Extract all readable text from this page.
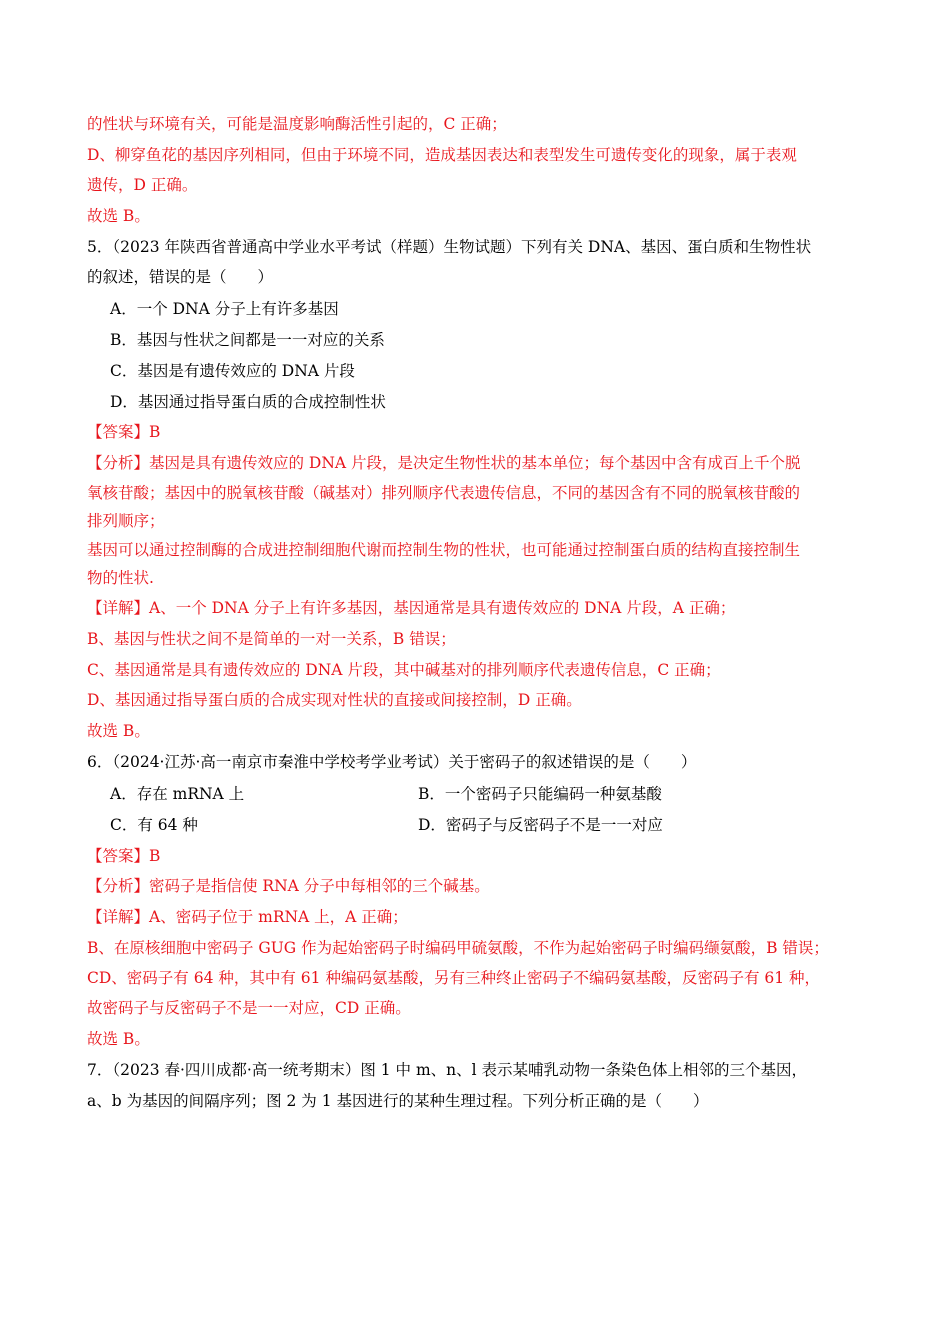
的性状与环境有关，可能是温度影响酶活性引起的，C 正确；
D、柳穿鱼花的基因序列相同，但由于环境不同，造成基因表达和表型发生可遗传变化的现象，属于表观
遗传，D 正确。
故选 B。
5．（2023 年陕西省普通高中学业水平考试（样题）生物试题）下列有关 DNA、基因、蛋白质和生物性状
的叙述，错误的是（　　）
A．一个 DNA 分子上有许多基因
B．基因与性状之间都是一一对应的关系
C．基因是有遗传效应的 DNA 片段
D．基因通过指导蛋白质的合成控制性状
【答案】B
【分析】基因是具有遗传效应的 DNA 片段，是决定生物性状的基本单位；每个基因中含有成百上千个脱
氧核苷酸；基因中的脱氧核苷酸（碱基对）排列顺序代表遗传信息，不同的基因含有不同的脱氧核苷酸的
排列顺序；
基因可以通过控制酶的合成进控制细胞代谢而控制生物的性状，也可能通过控制蛋白质的结构直接控制生
物的性状.
【详解】A、一个 DNA 分子上有许多基因，基因通常是具有遗传效应的 DNA 片段，A 正确；
B、基因与性状之间不是简单的一对一关系，B 错误；
C、基因通常是具有遗传效应的 DNA 片段，其中碱基对的排列顺序代表遗传信息，C 正确；
D、基因通过指导蛋白质的合成实现对性状的直接或间接控制，D 正确。
故选 B。
6．（2024·江苏·高一南京市秦淮中学校考学业考试）关于密码子的叙述错误的是（　　）
A．存在 mRNA 上	B．一个密码子只能编码一种氨基酸
C．有 64 种	D．密码子与反密码子不是一一对应
【答案】B
【分析】密码子是指信使 RNA 分子中每相邻的三个碱基。
【详解】A、密码子位于 mRNA 上，A 正确；
B、在原核细胞中密码子 GUG 作为起始密码子时编码甲硫氨酸，不作为起始密码子时编码缬氨酸，B 错误；
CD、密码子有 64 种，其中有 61 种编码氨基酸，另有三种终止密码子不编码氨基酸，反密码子有 61 种，
故密码子与反密码子不是一一对应，CD 正确。
故选 B。
7．（2023 春·四川成都·高一统考期末）图 1 中 m、n、l 表示某哺乳动物一条染色体上相邻的三个基因，
a、b 为基因的间隔序列；图 2 为 1 基因进行的某种生理过程。下列分析正确的是（　　）
